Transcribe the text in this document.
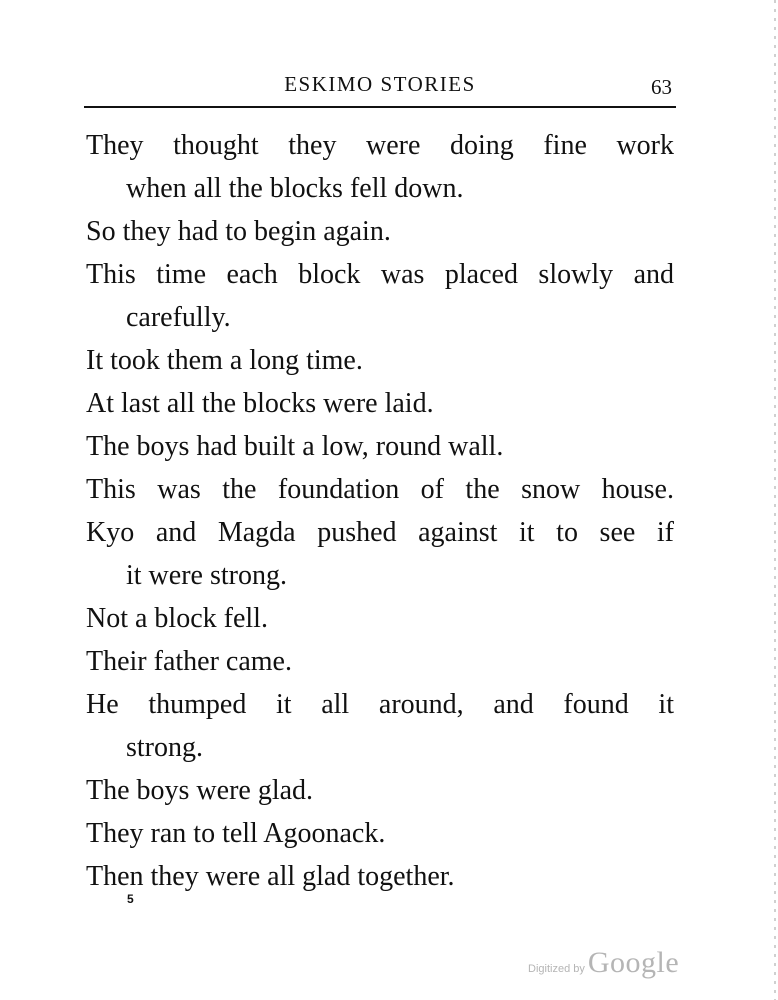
ESKIMO STORIES	63
They thought they were doing fine work
when all the blocks fell down.
So they had to begin again.
This time each block was placed slowly and
carefully.
It took them a long time.
At last all the blocks were laid.
The boys had built a low, round wall.
This was the foundation of the snow house.
Kyo and Magda pushed against it to see if
it were strong.
Not a block fell.
Their father came.
He thumped it all around, and found it
strong.
The boys were glad.
They ran to tell Agoonack.
Then they were all glad together.
5
Digitized by Google
